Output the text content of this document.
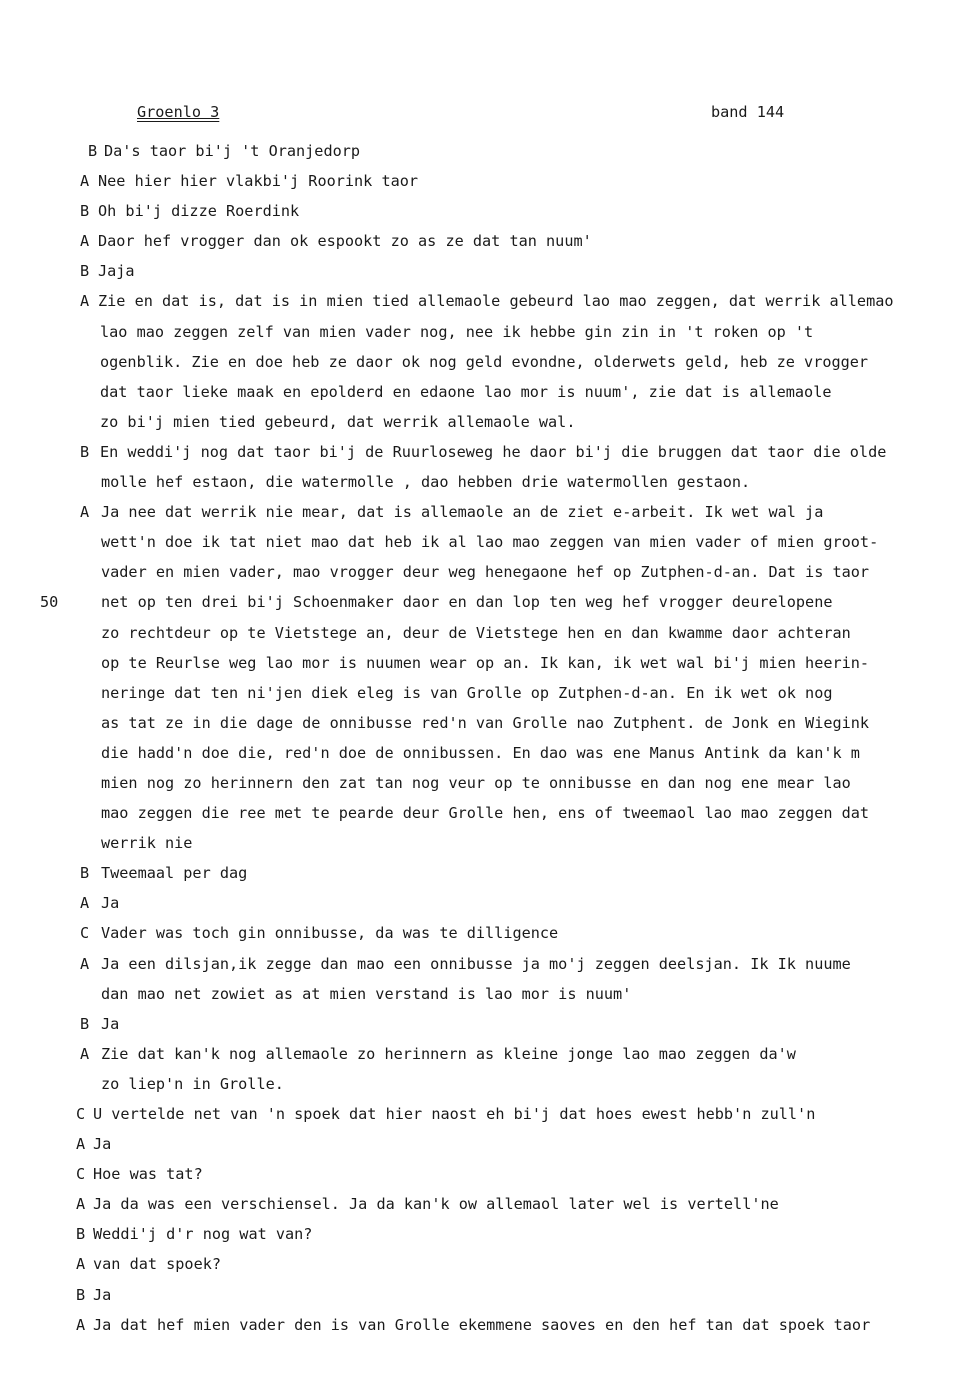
Groenlo 3	band 144
B Da's taor bi'j 't Oranjedorp
A Nee hier hier vlakbi'j Roorink taor
B Oh bi'j dizze Roerdink
A Daor hef vrogger dan ok espookt zo as ze dat tan nuum'
B Jaja
A Zie en dat is, dat is in mien tied allemaole gebeurd lao mao zeggen, dat werrik allemao
lao mao zeggen zelf van mien vader nog, nee ik hebbe gin zin in 't roken op 't
ogenblik. Zie en doe heb ze daor ok nog geld evondne, olderwets geld, heb ze vrogger
dat taor lieke maak en epolderd en edaone lao mor is nuum', zie dat is allemaole
zo bi'j mien tied gebeurd, dat werrik allemaole wal.
B En weddi'j nog dat taor bi'j de Ruurloseweg he daor bi'j die bruggen dat taor die olde
molle hef estaon, die watermolle , dao hebben drie watermollen gestaon.
A Ja nee dat werrik nie mear, dat is allemaole an de ziet e-arbeit. Ik wet wal ja
wett'n doe ik tat niet mao dat heb ik al lao mao zeggen van mien vader of mien groot-
vader en mien vader, mao vrogger deur weg henegaone hef op Zutphen-d-an. Dat is taor
net op ten drei bi'j Schoenmaker daor en dan lop ten weg hef vrogger deurelopene
50
zo rechtdeur op te Vietstege an, deur de Vietstege hen en dan kwamme daor achteran
op te Reurlse weg lao mor is nuumen wear op an. Ik kan, ik wet wal bi'j mien heerin-
neringe dat ten ni'jen diek eleg is van Grolle op Zutphen-d-an. En ik wet ok nog
as tat ze in die dage de onnibusse red'n van Grolle nao Zutphent. de Jonk en Wiegink
die hadd'n doe die, red'n doe de onnibussen. En dao was ene Manus Antink da kan'k m
mien nog zo herinnern den zat tan nog veur op te onnibusse en dan nog ene mear lao
mao zeggen die ree met te pearde deur Grolle hen, ens of tweemaol lao mao zeggen dat
werrik nie
B Tweemaal per dag
A Ja
C Vader was toch gin onnibusse, da was te dilligence
A Ja een dilsjan,ik zegge dan mao een onnibusse ja mo'j zeggen deelsjan. Ik Ik nuume
dan mao net zowiet as at mien verstand is lao mor is nuum'
B Ja
A Zie dat kan'k nog allemaole zo herinnern as kleine jonge lao mao zeggen da'w
zo liep'n in Grolle.
C U vertelde net van 'n spoek dat hier naost eh bi'j dat hoes ewest hebb'n zull'n
A Ja
C Hoe was tat?
A Ja da was een verschiensel. Ja da kan'k ow allemaol later wel is vertell'ne
B Weddi'j d'r nog wat van?
A van dat spoek?
B Ja
A Ja dat hef mien vader den is van Grolle ekemmene saoves en den hef tan dat spoek taor
